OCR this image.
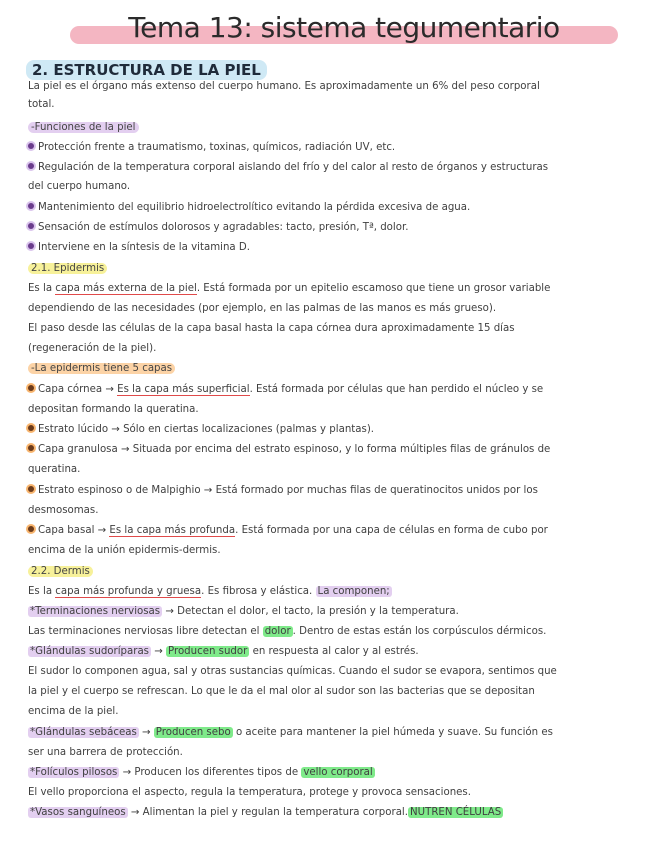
Tema 13: sistema tegumentario
2. ESTRUCTURA DE LA PIEL
La piel es el órgano más extenso del cuerpo humano. Es aproximadamente un 6% del peso corporal
total.
-Funciones de la piel
Protección frente a traumatismo, toxinas, químicos, radiación UV, etc.
Regulación de la temperatura corporal aislando del frío y del calor al resto de órganos y estructuras
del cuerpo humano.
Mantenimiento del equilibrio hidroelectrolítico evitando la pérdida excesiva de agua.
Sensación de estímulos dolorosos y agradables: tacto, presión, Tª, dolor.
Interviene en la síntesis de la vitamina D.
2.1. Epidermis
Es la capa más externa de la piel. Está formada por un epitelio escamoso que tiene un grosor variable
dependiendo de las necesidades (por ejemplo, en las palmas de las manos es más grueso).
El paso desde las células de la capa basal hasta la capa córnea dura aproximadamente 15 días
(regeneración de la piel).
-La epidermis tiene 5 capas
Capa córnea → Es la capa más superficial. Está formada por células que han perdido el núcleo y se
depositan formando la queratina.
Estrato lúcido → Sólo en ciertas localizaciones (palmas y plantas).
Capa granulosa → Situada por encima del estrato espinoso, y lo forma múltiples filas de gránulos de
queratina.
Estrato espinoso o de Malpighio → Está formado por muchas filas de queratinocitos unidos por los
desmosomas.
Capa basal → Es la capa más profunda. Está formada por una capa de células en forma de cubo por
encima de la unión epidermis-dermis.
2.2. Dermis
Es la capa más profunda y gruesa. Es fibrosa y elástica. La componen;
*Terminaciones nerviosas → Detectan el dolor, el tacto, la presión y la temperatura.
Las terminaciones nerviosas libre detectan el dolor . Dentro de estas están los corpúsculos dérmicos.
*Glándulas sudoríparas → Producen sudor en respuesta al calor y al estrés.
El sudor lo componen agua, sal y otras sustancias químicas. Cuando el sudor se evapora, sentimos que
la piel y el cuerpo se refrescan. Lo que le da el mal olor al sudor son las bacterias que se depositan
encima de la piel.
*Glándulas sebáceas → Producen sebo o aceite para mantener la piel húmeda y suave. Su función es
ser una barrera de protección.
*Folículos pilosos → Producen los diferentes tipos de vello corporal
El vello proporciona el aspecto, regula la temperatura, protege y provoca sensaciones.
*Vasos sanguíneos → Alimentan la piel y regulan la temperatura corporal. NUTREN CÉLULAS
